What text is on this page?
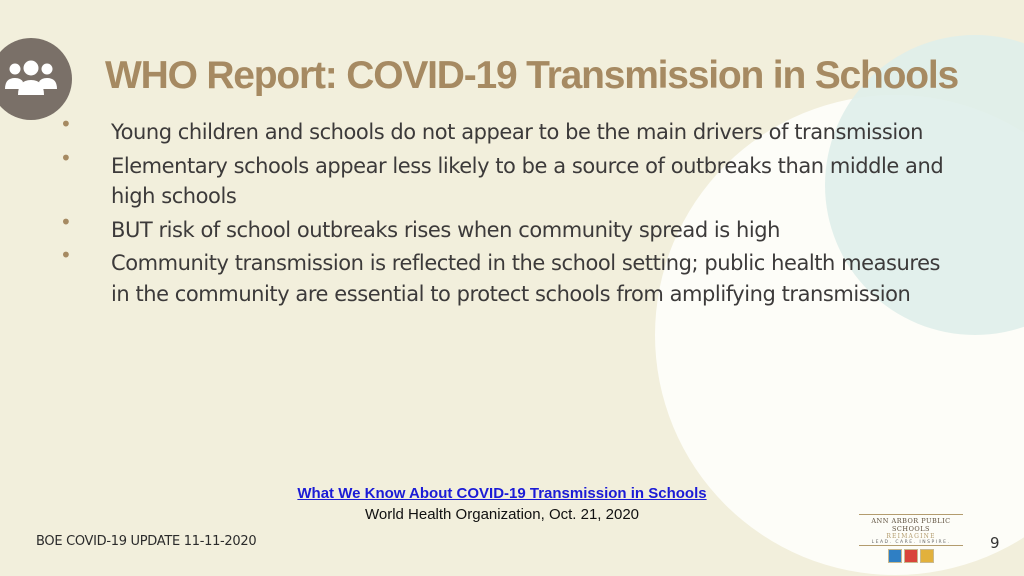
WHO Report: COVID-19 Transmission in Schools
• Young children and schools do not appear to be the main drivers of transmission
• Elementary schools appear less likely to be a source of outbreaks than middle and high schools
• BUT risk of school outbreaks rises when community spread is high
• Community transmission is reflected in the school setting; public health measures in the community are essential to protect schools from amplifying transmission
What We Know About COVID-19 Transmission in Schools
World Health Organization, Oct. 21, 2020
BOE COVID-19 UPDATE 11-11-2020
ANN ARBOR PUBLIC SCHOOLS
REIMAGINE
LEAD. CARE. INSPIRE.	9
